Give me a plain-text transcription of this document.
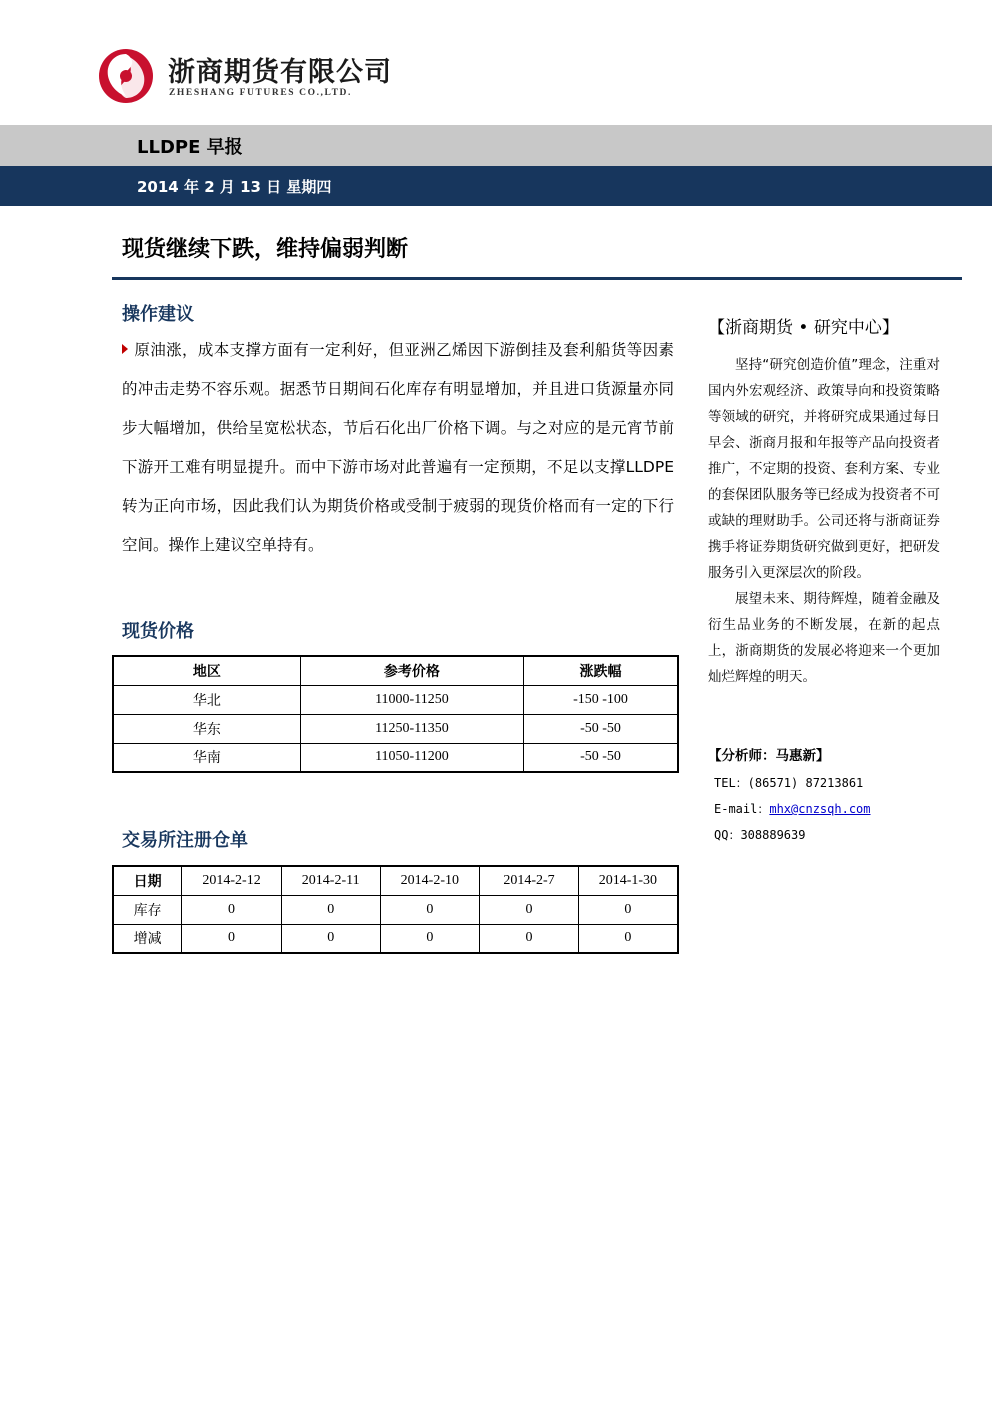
浙商期货有限公司
ZHESHANG FUTURES CO.,LTD.
LLDPE 早报
2014 年 2 月 13 日 星期四
现货继续下跌，维持偏弱判断
操作建议
原油涨，成本支撑方面有一定利好，但亚洲乙烯因下游倒挂及套利船货等因素的冲击走势不容乐观。据悉节日期间石化库存有明显增加，并且进口货源量亦同步大幅增加，供给呈宽松状态，节后石化出厂价格下调。与之对应的是元宵节前下游开工难有明显提升。而中下游市场对此普遍有一定预期，不足以支撑LLDPE转为正向市场，因此我们认为期货价格或受制于疲弱的现货价格而有一定的下行空间。操作上建议空单持有。
现货价格
地区	参考价格	涨跌幅
华北	11000-11250	-150 -100
华东	11250-11350	-50 -50
华南	11050-11200	-50 -50
交易所注册仓单
日期	2014-2-12	2014-2-11	2014-2-10	2014-2-7	2014-1-30
库存	0	0	0	0	0
增减	0	0	0	0	0
【浙商期货 • 研究中心】

坚持“研究创造价值”理念，注重对国内外宏观经济、政策导向和投资策略等领域的研究，并将研究成果通过每日早会、浙商月报和年报等产品向投资者推广，不定期的投资、套利方案、专业的套保团队服务等已经成为投资者不可或缺的理财助手。公司还将与浙商证券携手将证券期货研究做到更好，把研发服务引入更深层次的阶段。

展望未来、期待辉煌，随着金融及衍生品业务的不断发展，在新的起点上，浙商期货的发展必将迎来一个更加灿烂辉煌的明天。

【分析师：马惠新】
TEL：(86571) 87213861
E-mail：mhx@cnzsqh.com
QQ：308889639
